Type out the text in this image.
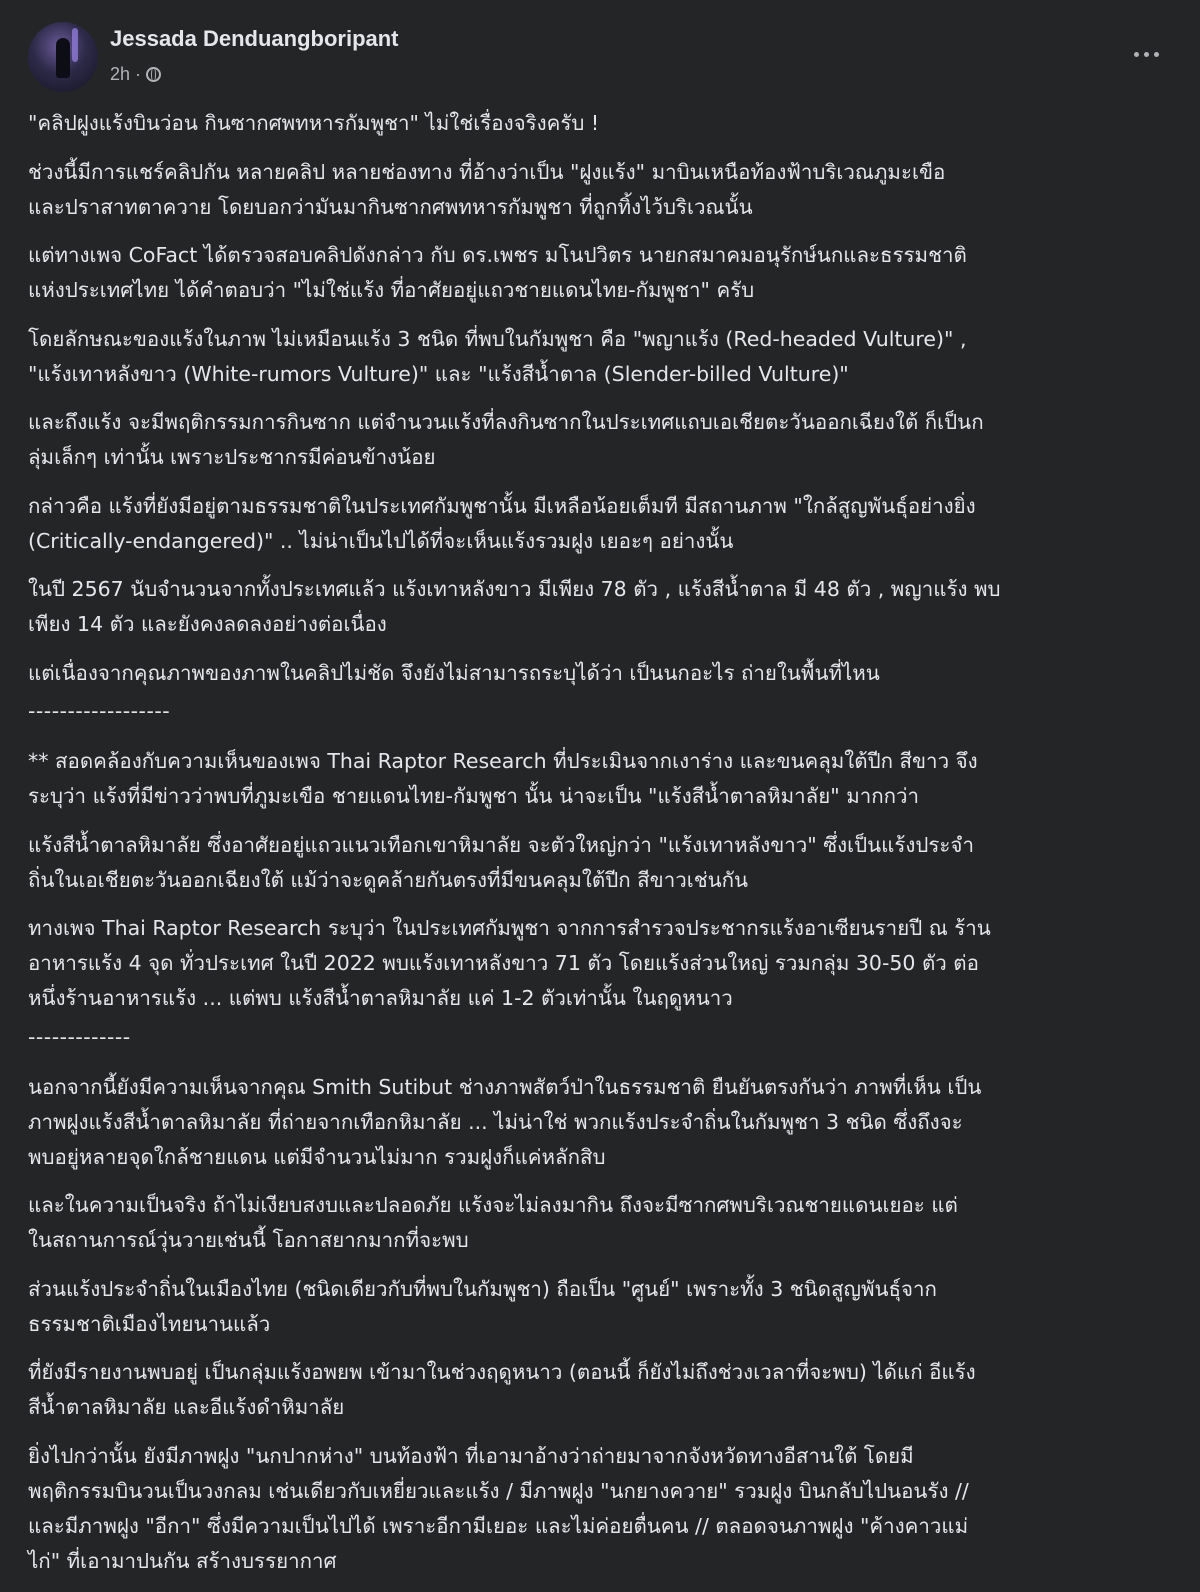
Jessada Denduangboripant
2h ·

"คลิปฝูงแร้งบินว่อน กินซากศพทหารกัมพูชา" ไม่ใช่เรื่องจริงครับ !

ช่วงนี้มีการแชร์คลิปกัน หลายคลิป หลายช่องทาง ที่อ้างว่าเป็น "ฝูงแร้ง" มาบินเหนือท้องฟ้าบริเวณภูมะเขือ
และปราสาทตาควาย โดยบอกว่ามันมากินซากศพทหารกัมพูชา ที่ถูกทิ้งไว้บริเวณนั้น

แต่ทางเพจ CoFact ได้ตรวจสอบคลิปดังกล่าว กับ ดร.เพชร มโนปวิตร นายกสมาคมอนุรักษ์นกและธรรมชาติ
แห่งประเทศไทย ได้คำตอบว่า "ไม่ใช่แร้ง ที่อาศัยอยู่แถวชายแดนไทย-กัมพูชา" ครับ

โดยลักษณะของแร้งในภาพ ไม่เหมือนแร้ง 3 ชนิด ที่พบในกัมพูชา คือ "พญาแร้ง (Red-headed Vulture)" ,
"แร้งเทาหลังขาว (White-rumors Vulture)" และ "แร้งสีน้ำตาล (Slender-billed Vulture)"

และถึงแร้ง จะมีพฤติกรรมการกินซาก แต่จำนวนแร้งที่ลงกินซากในประเทศแถบเอเชียตะวันออกเฉียงใต้ ก็เป็นก
ลุ่มเล็กๆ เท่านั้น เพราะประชากรมีค่อนข้างน้อย

กล่าวคือ แร้งที่ยังมีอยู่ตามธรรมชาติในประเทศกัมพูชานั้น มีเหลือน้อยเต็มที มีสถานภาพ "ใกล้สูญพันธุ์อย่างยิ่ง
(Critically-endangered)" .. ไม่น่าเป็นไปได้ที่จะเห็นแร้งรวมฝูง เยอะๆ อย่างนั้น

ในปี 2567 นับจำนวนจากทั้งประเทศแล้ว แร้งเทาหลังขาว มีเพียง 78 ตัว , แร้งสีน้ำตาล มี 48 ตัว , พญาแร้ง พบ
เพียง 14 ตัว และยังคงลดลงอย่างต่อเนื่อง

แต่เนื่องจากคุณภาพของภาพในคลิปไม่ชัด จึงยังไม่สามารถระบุได้ว่า เป็นนกอะไร ถ่ายในพื้นที่ไหน

------------------

** สอดคล้องกับความเห็นของเพจ Thai Raptor Research ที่ประเมินจากเงาร่าง และขนคลุมใต้ปีก สีขาว จึง
ระบุว่า แร้งที่มีข่าวว่าพบที่ภูมะเขือ ชายแดนไทย-กัมพูชา นั้น น่าจะเป็น "แร้งสีน้ำตาลหิมาลัย" มากกว่า

แร้งสีน้ำตาลหิมาลัย ซึ่งอาศัยอยู่แถวแนวเทือกเขาหิมาลัย จะตัวใหญ่กว่า "แร้งเทาหลังขาว" ซึ่งเป็นแร้งประจำ
ถิ่นในเอเชียตะวันออกเฉียงใต้ แม้ว่าจะดูคล้ายกันตรงที่มีขนคลุมใต้ปีก สีขาวเช่นกัน

ทางเพจ Thai Raptor Research ระบุว่า ในประเทศกัมพูชา จากการสำรวจประชากรแร้งอาเซียนรายปี ณ ร้าน
อาหารแร้ง 4 จุด ทั่วประเทศ ในปี 2022 พบแร้งเทาหลังขาว 71 ตัว โดยแร้งส่วนใหญ่ รวมกลุ่ม 30-50 ตัว ต่อ
หนึ่งร้านอาหารแร้ง ... แต่พบ แร้งสีน้ำตาลหิมาลัย แค่ 1-2 ตัวเท่านั้น ในฤดูหนาว

-------------

นอกจากนี้ยังมีความเห็นจากคุณ Smith Sutibut ช่างภาพสัตว์ป่าในธรรมชาติ ยืนยันตรงกันว่า ภาพที่เห็น เป็น
ภาพฝูงแร้งสีน้ำตาลหิมาลัย ที่ถ่ายจากเทือกหิมาลัย ... ไม่น่าใช่ พวกแร้งประจำถิ่นในกัมพูชา 3 ชนิด ซึ่งถึงจะ
พบอยู่หลายจุดใกล้ชายแดน แต่มีจำนวนไม่มาก รวมฝูงก็แค่หลักสิบ

และในความเป็นจริง ถ้าไม่เงียบสงบและปลอดภัย แร้งจะไม่ลงมากิน ถึงจะมีซากศพบริเวณชายแดนเยอะ แต่
ในสถานการณ์วุ่นวายเช่นนี้ โอกาสยากมากที่จะพบ

ส่วนแร้งประจำถิ่นในเมืองไทย (ชนิดเดียวกับที่พบในกัมพูชา) ถือเป็น "ศูนย์" เพราะทั้ง 3 ชนิดสูญพันธุ์จาก
ธรรมชาติเมืองไทยนานแล้ว

ที่ยังมีรายงานพบอยู่ เป็นกลุ่มแร้งอพยพ เข้ามาในช่วงฤดูหนาว (ตอนนี้ ก็ยังไม่ถึงช่วงเวลาที่จะพบ) ได้แก่ อีแร้ง
สีน้ำตาลหิมาลัย และอีแร้งดำหิมาลัย

ยิ่งไปกว่านั้น ยังมีภาพฝูง "นกปากห่าง" บนท้องฟ้า ที่เอามาอ้างว่าถ่ายมาจากจังหวัดทางอีสานใต้ โดยมี
พฤติกรรมบินวนเป็นวงกลม เช่นเดียวกับเหยี่ยวและแร้ง / มีภาพฝูง "นกยางควาย" รวมฝูง บินกลับไปนอนรัง //
และมีภาพฝูง "อีกา" ซึ่งมีความเป็นไปได้ เพราะอีกามีเยอะ และไม่ค่อยตื่นคน // ตลอดจนภาพฝูง "ค้างคาวแม่
ไก่" ที่เอามาปนกัน สร้างบรรยากาศ
